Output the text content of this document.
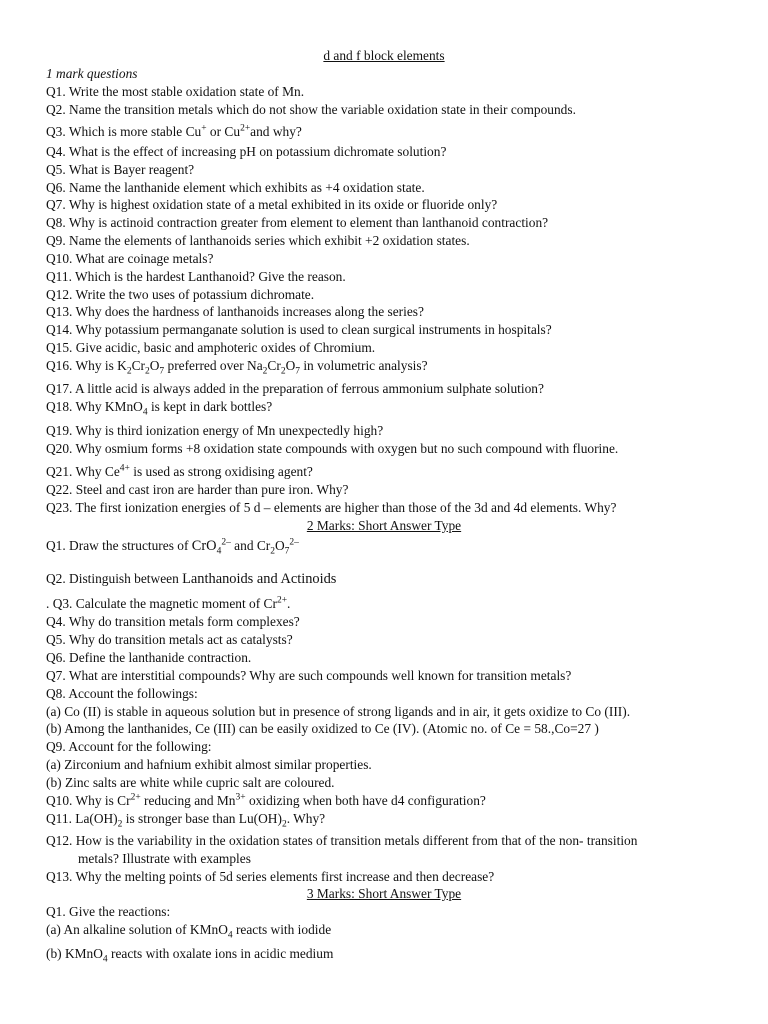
d and f block elements
1 mark questions
Q1. Write the most stable oxidation state of Mn.
Q2. Name the transition metals which do not show the variable oxidation state in their compounds.
Q3. Which is more stable Cu+ or $Cu^{2+}and$ why?
Q4. What is the effect of increasing pH on potassium dichromate solution?
Q5. What is Bayer reagent?
Q6. Name the lanthanide element which exhibits as +4 oxidation state.
Q7. Why is highest oxidation state of a metal exhibited in its oxide or fluoride only?
Q8. Why is actinoid contraction greater from element to element than lanthanoid contraction?
Q9. Name the elements of lanthanoids series which exhibit +2 oxidation states.
Q10. What are coinage metals?
Q11. Which is the hardest Lanthanoid? Give the reason.
Q12. Write the two uses of potassium dichromate.
Q13. Why does the hardness of lanthanoids increases along the series?
Q14. Why potassium permanganate solution is used to clean surgical instruments in hospitals?
Q15. Give acidic, basic and amphoteric oxides of Chromium.
Q16. Why is $K_2Cr_2O_7$ preferred over $Na_2Cr_2O_7$ in volumetric analysis?
Q17. A little acid is always added in the preparation of ferrous ammonium sulphate solution?
Q18. Why KMnO$_4$ is kept in dark bottles?
Q19. Why is third ionization energy of Mn unexpectedly high?
Q20. Why osmium forms +8 oxidation state compounds with oxygen but no such compound with fluorine.
Q21. Why $Ce^{4+}$ is used as strong oxidising agent?
Q22. Steel and cast iron are harder than pure iron. Why?
Q23. The first ionization energies of 5 d – elements are higher than those of the 3d and 4d elements. Why?
2 Marks: Short Answer Type
Q1. Draw the structures of CrO$_4^{2-}$ and $Cr_2O_7^{2-}$
Q2. Distinguish between Lanthanoids and Actinoids
. Q3. Calculate the magnetic moment of $Cr^{2+}$.
Q4. Why do transition metals form complexes?
Q5. Why do transition metals act as catalysts?
Q6. Define the lanthanide contraction.
Q7. What are interstitial compounds? Why are such compounds well known for transition metals?
Q8. Account the followings:
(a) Co (II) is stable in aqueous solution but in presence of strong ligands and in air, it gets oxidize to Co (III).
(b) Among the lanthanides, Ce (III) can be easily oxidized to Ce (IV). (Atomic no. of Ce = 58.,Co=27 )
Q9. Account for the following:
(a) Zirconium and hafnium exhibit almost similar properties.
(b) Zinc salts are white while cupric salt are coloured.
Q10. Why is $Cr^{2+}$ reducing and $Mn^{3+}$ oxidizing when both have d4 configuration?
Q11. $La(OH)_2$ is stronger base than $Lu(OH)_2$. Why?
Q12. How is the variability in the oxidation states of transition metals different from that of the non- transition
metals? Illustrate with examples
Q13. Why the melting points of 5d series elements first increase and then decrease?
3 Marks: Short Answer Type
Q1. Give the reactions:
(a) An alkaline solution of KMnO$_4$ reacts with iodide
(b) KMnO$_4$ reacts with oxalate ions in acidic medium
